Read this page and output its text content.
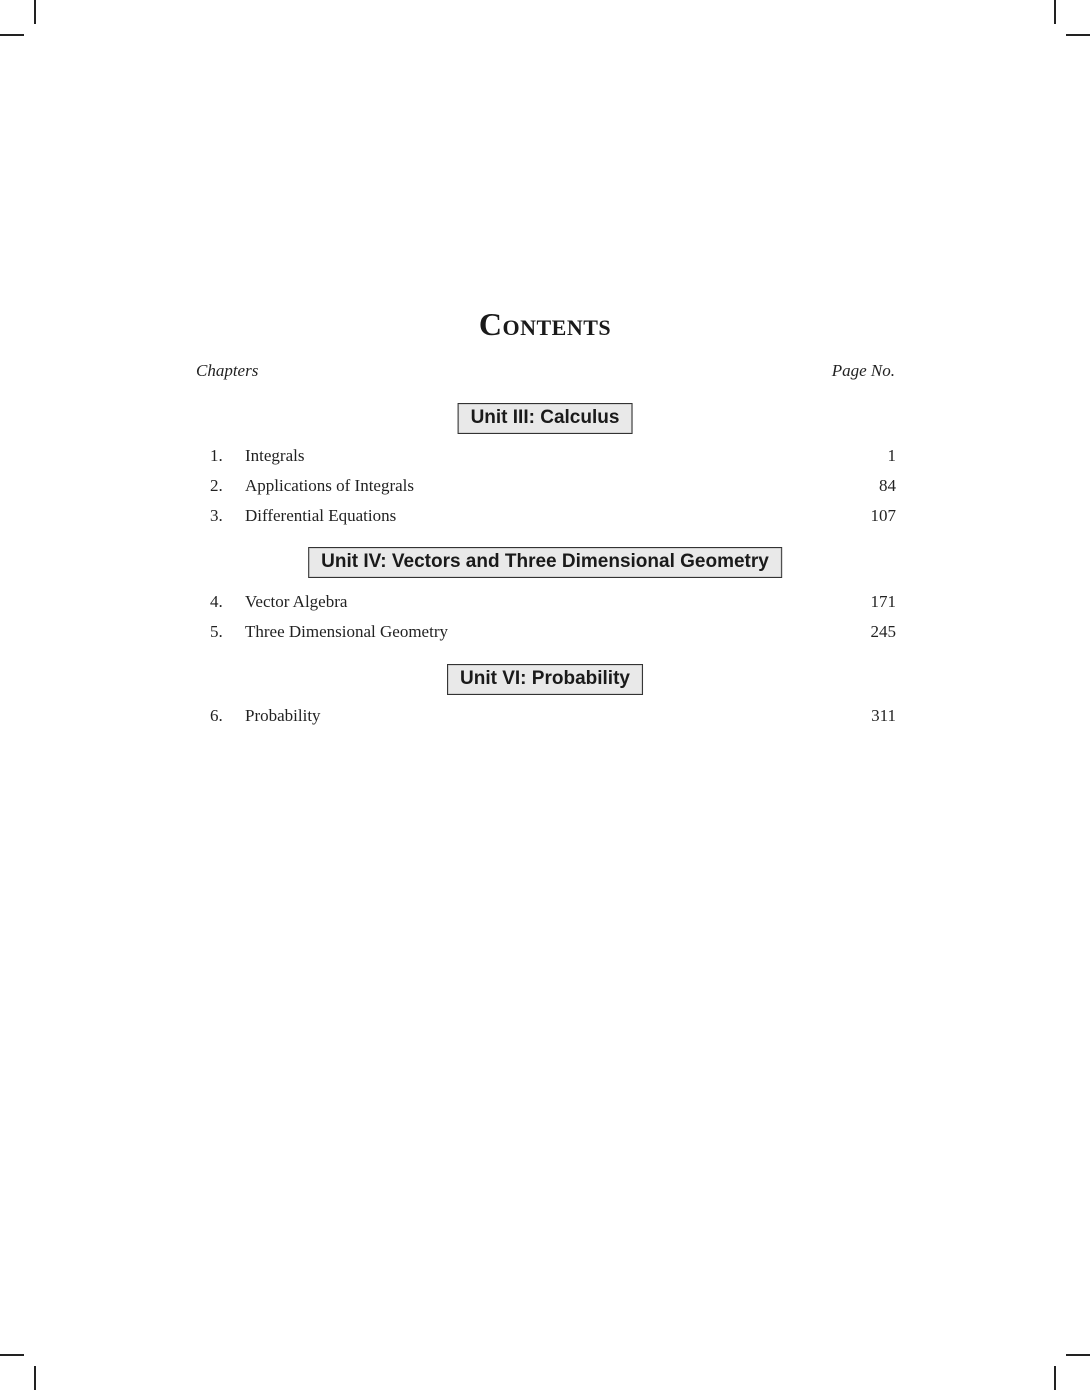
Contents
Chapters	Page No.
Unit III: Calculus
1. Integrals	1
2. Applications of Integrals	84
3. Differential Equations	107
Unit IV: Vectors and Three Dimensional Geometry
4. Vector Algebra	171
5. Three Dimensional Geometry	245
Unit VI: Probability
6. Probability	311
